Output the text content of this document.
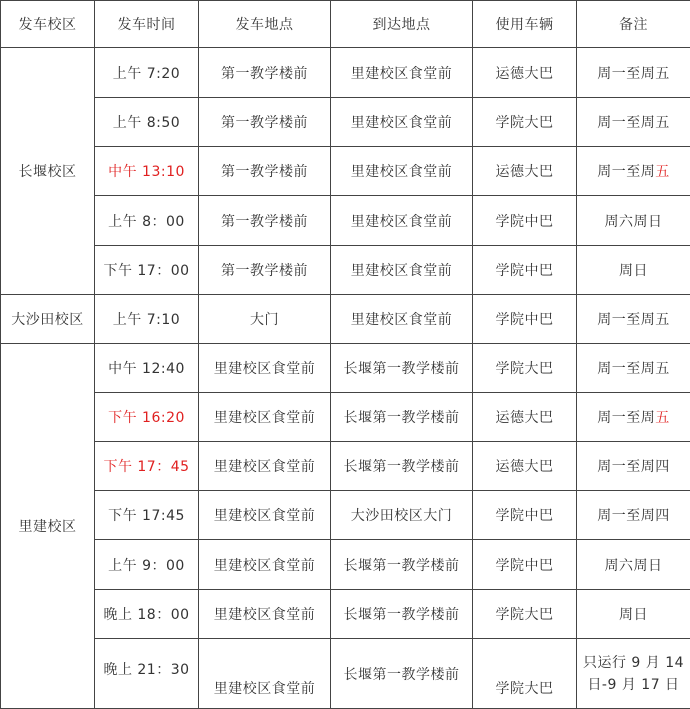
发车校区	发车时间	发车地点	到达地点	使用车辆	备注
长堰校区	上午 7:20	第一教学楼前	里建校区食堂前	运德大巴	周一至周五
	上午 8:50	第一教学楼前	里建校区食堂前	学院大巴	周一至周五
	中午 13:10	第一教学楼前	里建校区食堂前	运德大巴	周一至周五
	上午 8：00	第一教学楼前	里建校区食堂前	学院中巴	周六周日
	下午 17：00	第一教学楼前	里建校区食堂前	学院中巴	周日
大沙田校区	上午 7:10	大门	里建校区食堂前	学院中巴	周一至周五
里建校区	中午 12:40	里建校区食堂前	长堰第一教学楼前	学院大巴	周一至周五
	下午 16:20	里建校区食堂前	长堰第一教学楼前	运德大巴	周一至周五
	下午 17：45	里建校区食堂前	长堰第一教学楼前	运德大巴	周一至周四
	下午 17:45	里建校区食堂前	大沙田校区大门	学院中巴	周一至周四
	上午 9：00	里建校区食堂前	长堰第一教学楼前	学院中巴	周六周日
	晚上 18：00	里建校区食堂前	长堰第一教学楼前	学院大巴	周日
	晚上 21：30	里建校区食堂前	长堰第一教学楼前	学院大巴	只运行 9 月 14
日-9 月 17 日
